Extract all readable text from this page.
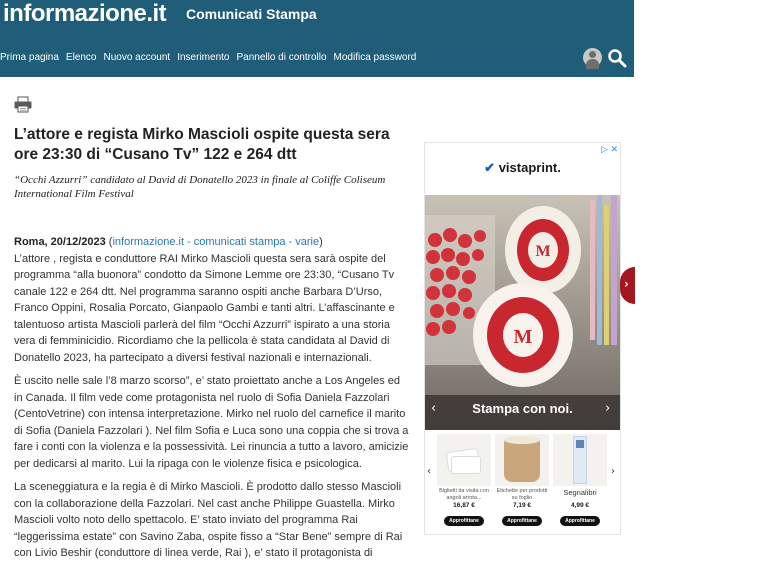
informazione.it Comunicati Stampa
Prima pagina Elenco Nuovo account Inserimento Pannello di controllo Modifica password
L’attore e regista Mirko Mascioli ospite questa sera ore 23:30 di “Cusano Tv” 122 e 264 dtt
“Occhi Azzurri” candidato al David di Donatello 2023 in finale al Coliffe Coliseum International Film Festival

Roma, 20/12/2023 (informazione.it - comunicati stampa - varie)
L’attore , regista e conduttore RAI Mirko Mascioli questa sera sarà ospite del programma “alla buonora” condotto da Simone Lemme ore 23:30, “Cusano Tv canale 122 e 264 dtt. Nel programma saranno ospiti anche Barbara D’Urso, Franco Oppini, Rosalia Porcato, Gianpaolo Gambi e tanti altri. L’affascinante e talentuoso artista Mascioli parlerà del film “Occhi Azzurri” ispirato a una storia vera di femminicidio. Ricordiamo che la pellicola è stata candidata al David di Donatello 2023, ha partecipato a diversi festival nazionali e internazionali.

È uscito nelle sale l’8 marzo scorso”, e’ stato proiettato anche a Los Angeles ed in Canada. Il film vede come protagonista nel ruolo di Sofia Daniela Fazzolari (CentoVetrine) con intensa interpretazione. Mirko nel ruolo del carnefice il marito di Sofia (Daniela Fazzolari ). Nel film Sofia e Luca sono una coppia che si trova a fare i conti con la violenza e la possessività. Lei rinuncia a tutto a lavoro, amicizie per dedicarsi al marito. Lui la ripaga con le violenze fisica e psicologica.

La sceneggiatura e la regia è di Mirko Mascioli. È prodotto dallo stesso Mascioli con la collaborazione della Fazzolari. Nel cast anche Philippe Guastella. Mirko Mascioli volto noto dello spettacolo. E’ stato inviato del programma Rai “leggerissima estate” con Savino Zaba, ospite fisso a “Star Bene” sempre di Rai con Livio Beshir (conduttore di linea verde, Rai ), e’ stato il protagonista di

▷ ✕
✔ vistaprint.
M
M
‹	Stampa con noi.	›
‹
Biglietti da visita con angoli arrota...
16,87 €
Approfittane
Etichette per prodotti su foglio
7,19 €
Approfittane
Segnalibri
4,99 €
Approfittane
›
›
